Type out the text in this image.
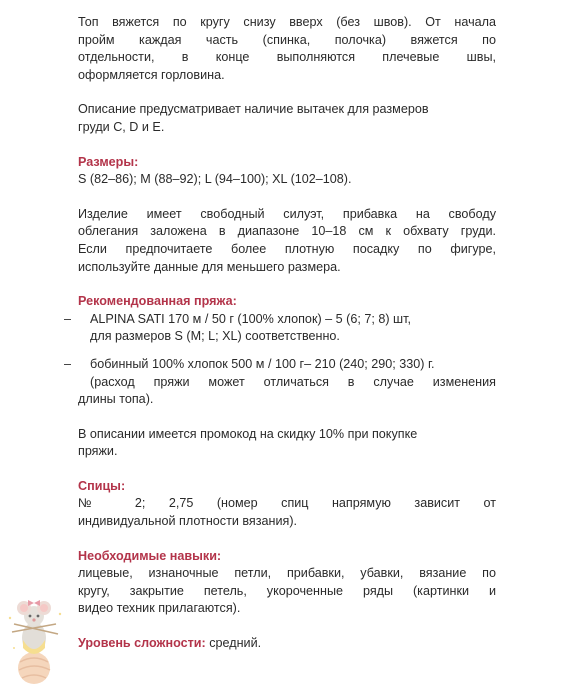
Топ вяжется по кругу снизу вверх (без швов). От начала
пройм каждая часть (спинка, полочка) вяжется по
отдельности, в конце выполняются плечевые швы,
оформляется горловина.
Описание предусматривает наличие вытачек для размеров
груди C, D и E.

Размеры:

S (82–86); M (88–92); L (94–100); XL (102–108).
Изделие имеет свободный силуэт, прибавка на свободу
облегания заложена в диапазоне 10–18 см к обхвату груди.
Если предпочитаете более плотную посадку по фигуре,
используйте данные для меньшего размера.

Рекомендованная пряжа:

– ALPINA SATI 170 м / 50 г (100% хлопок) – 5 (6; 7; 8) шт,
для размеров S (M; L; XL) соответственно.
– бобинный 100% хлопок 500 м / 100 г– 210 (240; 290; 330) г.
(расход пряжи может отличаться в случае изменения
длины топа).
В описании имеется промокод на скидку 10% при покупке
пряжи.

Спицы:

№ 2; 2,75 (номер спиц напрямую зависит от
индивидуальной плотности вязания).

Необходимые навыки:

лицевые, изнаночные петли, прибавки, убавки, вязание по
кругу, закрытие петель, укороченные ряды (картинки и
видео техник прилагаются).
Уровень сложности: средний.
